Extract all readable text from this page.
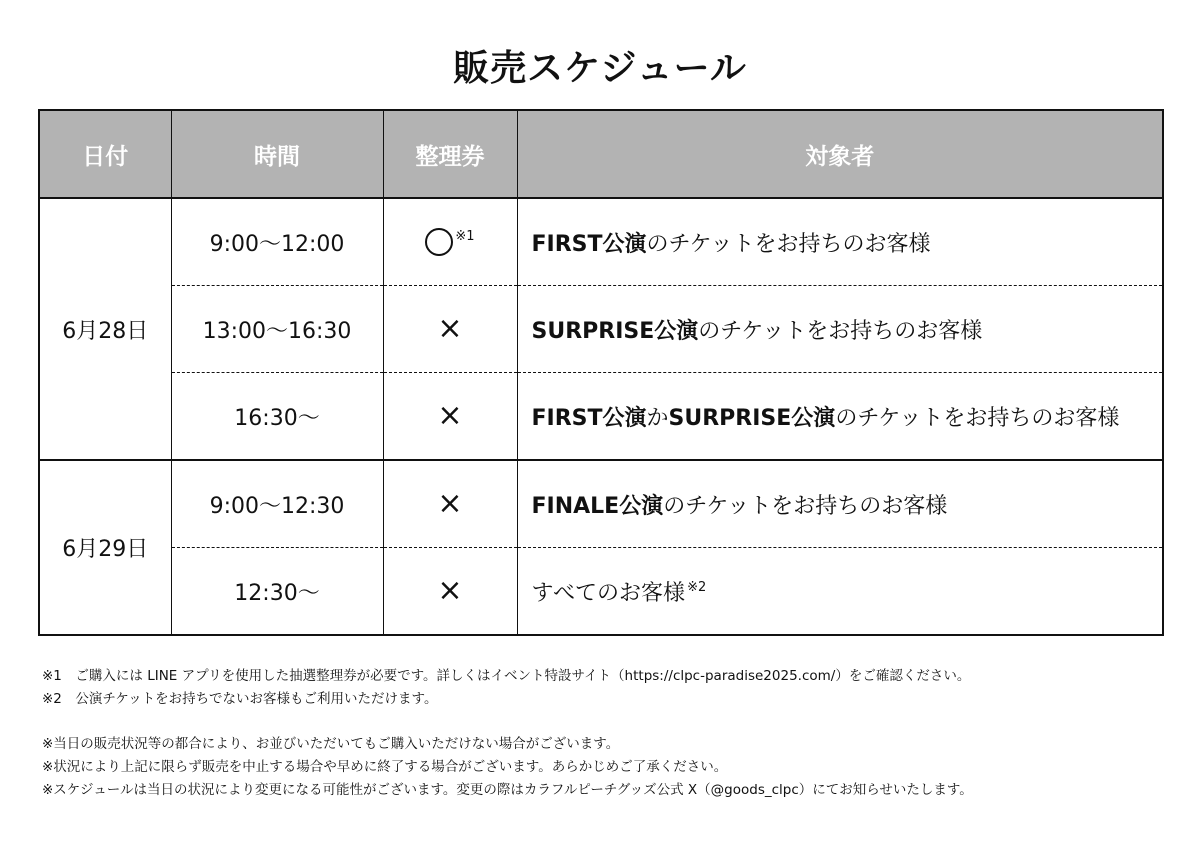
販売スケジュール
日付	時間	整理券	対象者
6月28日	9:00〜12:00	$^{※1}$	FIRST公演のチケットをお持ちのお客様
	13:00〜16:30	×	SURPRISE公演のチケットをお持ちのお客様
	16:30〜	×	FIRST公演かSURPRISE公演のチケットをお持ちのお客様
6月29日	9:00〜12:30	×	FINALE公演のチケットをお持ちのお客様
	12:30〜	×	すべてのお客様 $^{※2}$
※1　ご購入には LINE アプリを使用した抽選整理券が必要です。詳しくはイベント特設サイト（https://clpc-paradise2025.com/）をご確認ください。
※2　公演チケットをお持ちでないお客様もご利用いただけます。
※当日の販売状況等の都合により、お並びいただいてもご購入いただけない場合がございます。
※状況により上記に限らず販売を中止する場合や早めに終了する場合がございます。あらかじめご了承ください。
※スケジュールは当日の状況により変更になる可能性がございます。変更の際はカラフルピーチグッズ公式 X（@goods_clpc）にてお知らせいたします。
